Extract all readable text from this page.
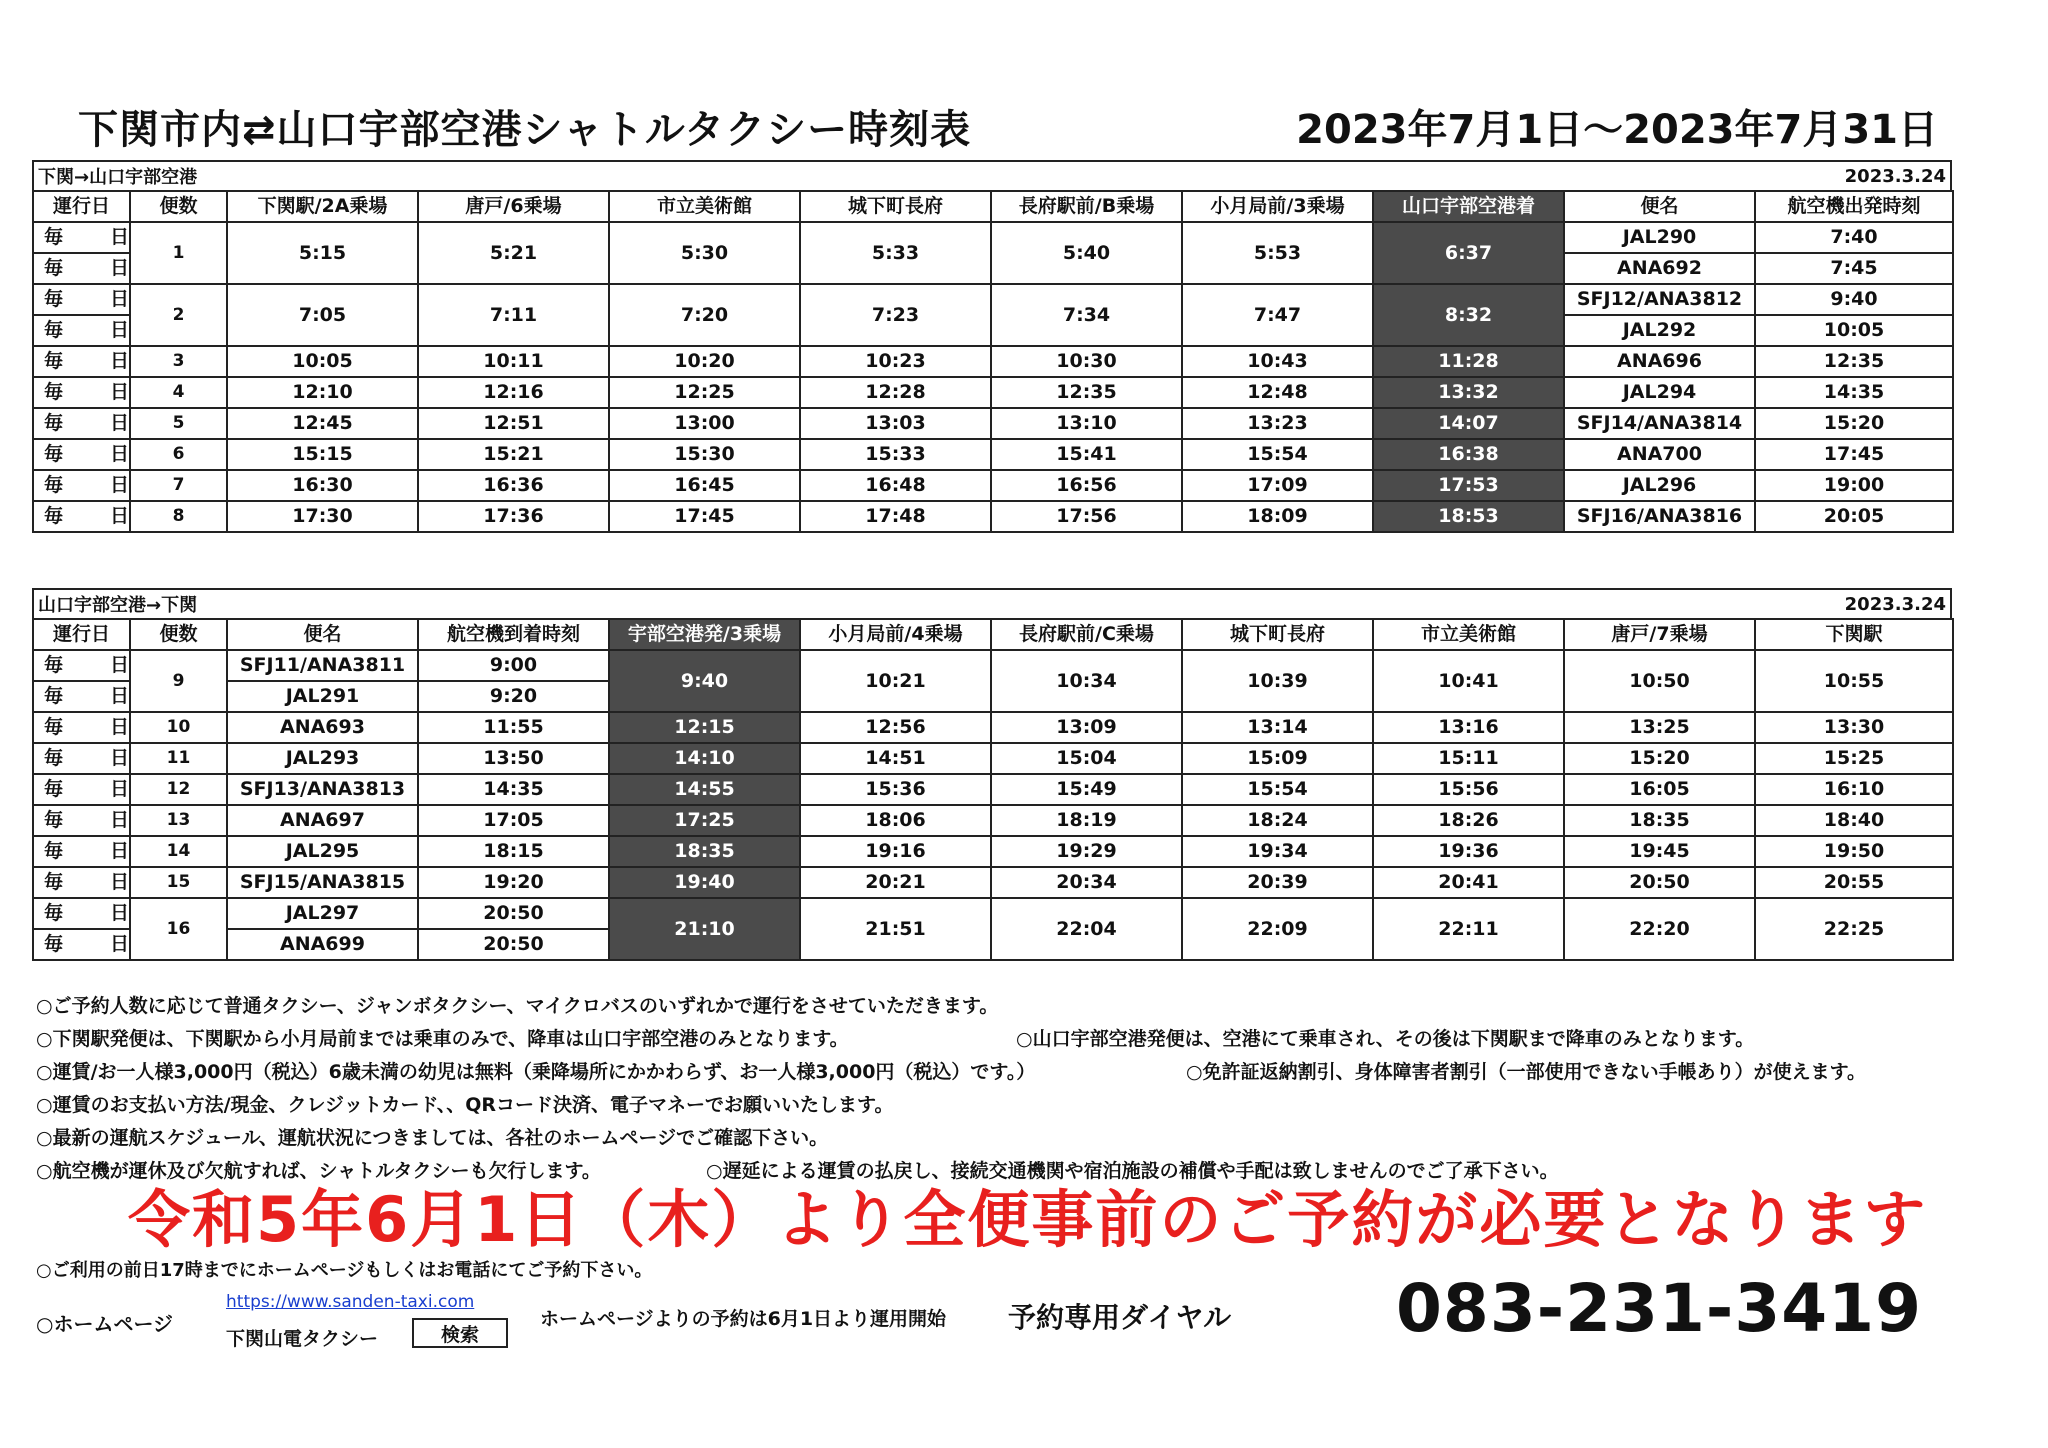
下関市内⇄山口宇部空港シャトルタクシー時刻表	2023年7月1日～2023年7月31日
下関→山口宇部空港	2023.3.24
運行日	便数	下関駅/2A乗場	唐戸/6乗場	市立美術館	城下町長府	長府駅前/B乗場	小月局前/3乗場	山口宇部空港着	便名	航空機出発時刻
毎　日	1	5:15	5:21	5:30	5:33	5:40	5:53	6:37	JAL290	7:40
毎　日									ANA692	7:45
毎　日	2	7:05	7:11	7:20	7:23	7:34	7:47	8:32	SFJ12/ANA3812	9:40
毎　日									JAL292	10:05
毎　日	3	10:05	10:11	10:20	10:23	10:30	10:43	11:28	ANA696	12:35
毎　日	4	12:10	12:16	12:25	12:28	12:35	12:48	13:32	JAL294	14:35
毎　日	5	12:45	12:51	13:00	13:03	13:10	13:23	14:07	SFJ14/ANA3814	15:20
毎　日	6	15:15	15:21	15:30	15:33	15:41	15:54	16:38	ANA700	17:45
毎　日	7	16:30	16:36	16:45	16:48	16:56	17:09	17:53	JAL296	19:00
毎　日	8	17:30	17:36	17:45	17:48	17:56	18:09	18:53	SFJ16/ANA3816	20:05
山口宇部空港→下関	2023.3.24
運行日	便数	便名	航空機到着時刻	宇部空港発/3乗場	小月局前/4乗場	長府駅前/C乗場	城下町長府	市立美術館	唐戸/7乗場	下関駅
毎　日	9	SFJ11/ANA3811	9:00	9:40	10:21	10:34	10:39	10:41	10:50	10:55
毎　日		JAL291	9:20							
毎　日	10	ANA693	11:55	12:15	12:56	13:09	13:14	13:16	13:25	13:30
毎　日	11	JAL293	13:50	14:10	14:51	15:04	15:09	15:11	15:20	15:25
毎　日	12	SFJ13/ANA3813	14:35	14:55	15:36	15:49	15:54	15:56	16:05	16:10
毎　日	13	ANA697	17:05	17:25	18:06	18:19	18:24	18:26	18:35	18:40
毎　日	14	JAL295	18:15	18:35	19:16	19:29	19:34	19:36	19:45	19:50
毎　日	15	SFJ15/ANA3815	19:20	19:40	20:21	20:34	20:39	20:41	20:50	20:55
毎　日	16	JAL297	20:50	21:10	21:51	22:04	22:09	22:11	22:20	22:25
毎　日		ANA699	20:50							
○ご予約人数に応じて普通タクシー、ジャンボタクシー、マイクロバスのいずれかで運行をさせていただきます。
○下関駅発便は、下関駅から小月局前までは乗車のみで、降車は山口宇部空港のみとなります。	○山口宇部空港発便は、空港にて乗車され、その後は下関駅まで降車のみとなります。
○運賃/お一人様3,000円（税込）6歳未満の幼児は無料（乗降場所にかかわらず、お一人様3,000円（税込）です。）	○免許証返納割引、身体障害者割引（一部使用できない手帳あり）が使えます。
○運賃のお支払い方法/現金、クレジットカード、、QRコード決済、電子マネーでお願いいたします。
○最新の運航スケジュール、運航状況につきましては、各社のホームページでご確認下さい。
○航空機が運休及び欠航すれば、シャトルタクシーも欠行します。	○遅延による運賃の払戻し、接続交通機関や宿泊施設の補償や手配は致しませんのでご了承下さい。
令和5年6月1日（木）より全便事前のご予約が必要となります
○ご利用の前日17時までにホームページもしくはお電話にてご予約下さい。
○ホームページ
https://www.sanden-taxi.com
下関山電タクシー	検索
ホームページよりの予約は6月1日より運用開始 予約専用ダイヤル 083-231-3419
